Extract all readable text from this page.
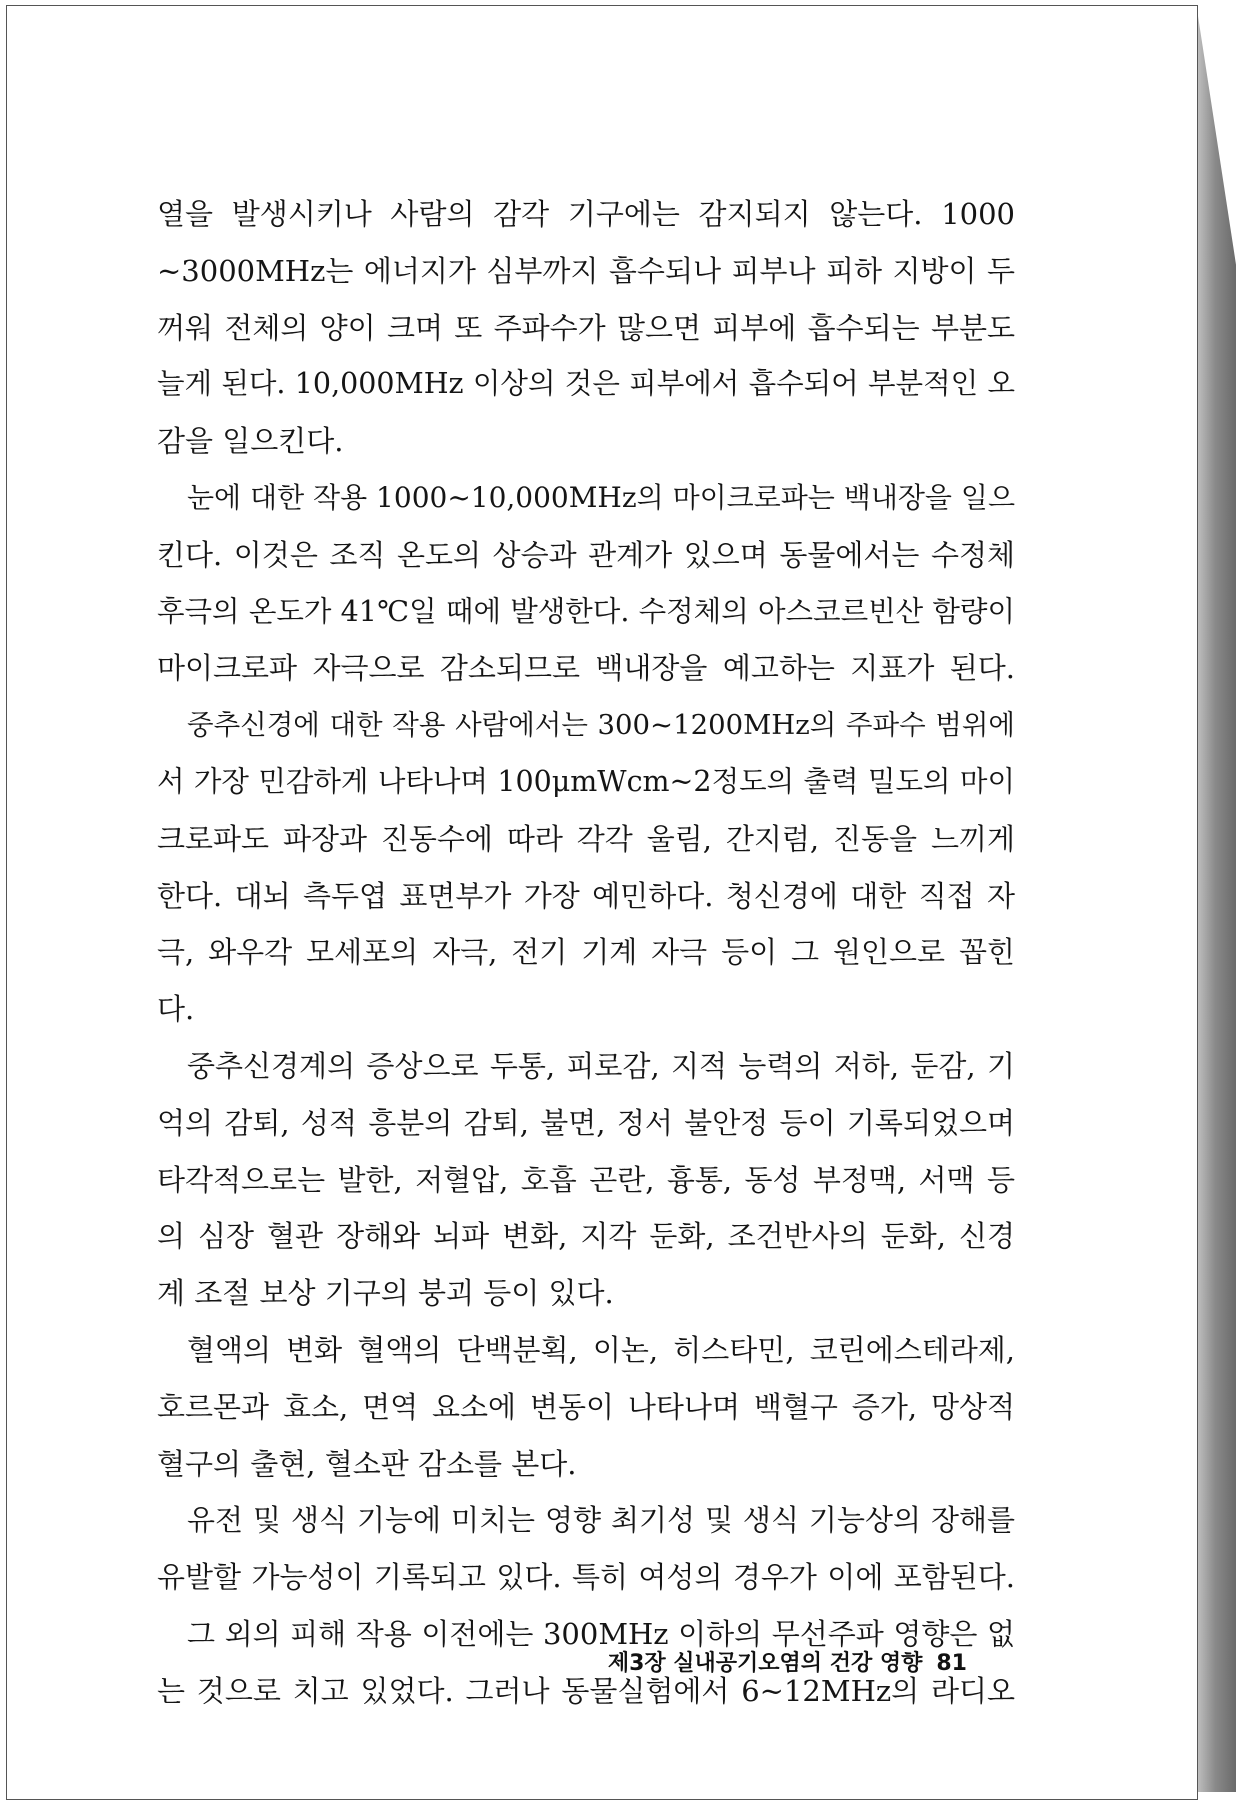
열을 발생시키나 사람의 감각 기구에는 감지되지 않는다. 1000
~3000MHz는 에너지가 심부까지 흡수되나 피부나 피하 지방이 두
꺼워 전체의 양이 크며 또 주파수가 많으면 피부에 흡수되는 부분도
늘게 된다. 10,000MHz 이상의 것은 피부에서 흡수되어 부분적인 오
감을 일으킨다.
눈에 대한 작용 1000~10,000MHz의 마이크로파는 백내장을 일으
킨다. 이것은 조직 온도의 상승과 관계가 있으며 동물에서는 수정체
후극의 온도가 41℃일 때에 발생한다. 수정체의 아스코르빈산 함량이
마이크로파 자극으로 감소되므로 백내장을 예고하는 지표가 된다.
중추신경에 대한 작용 사람에서는 300~1200MHz의 주파수 범위에
서 가장 민감하게 나타나며 100μmWcm~2정도의 출력 밀도의 마이
크로파도 파장과 진동수에 따라 각각 울림, 간지럼, 진동을 느끼게
한다. 대뇌 측두엽 표면부가 가장 예민하다. 청신경에 대한 직접 자
극, 와우각 모세포의 자극, 전기 기계 자극 등이 그 원인으로 꼽힌
다.
중추신경계의 증상으로 두통, 피로감, 지적 능력의 저하, 둔감, 기
억의 감퇴, 성적 흥분의 감퇴, 불면, 정서 불안정 등이 기록되었으며
타각적으로는 발한, 저혈압, 호흡 곤란, 흉통, 동성 부정맥, 서맥 등
의 심장 혈관 장해와 뇌파 변화, 지각 둔화, 조건반사의 둔화, 신경
계 조절 보상 기구의 붕괴 등이 있다.
혈액의 변화 혈액의 단백분획, 이논, 히스타민, 코린에스테라제,
호르몬과 효소, 면역 요소에 변동이 나타나며 백혈구 증가, 망상적
혈구의 출현, 혈소판 감소를 본다.
유전 및 생식 기능에 미치는 영향 최기성 및 생식 기능상의 장해를
유발할 가능성이 기록되고 있다. 특히 여성의 경우가 이에 포함된다.
그 외의 피해 작용 이전에는 300MHz 이하의 무선주파 영향은 없
는 것으로 치고 있었다. 그러나 동물실험에서 6~12MHz의 라디오
제3장 실내공기오염의 건강 영향 81
